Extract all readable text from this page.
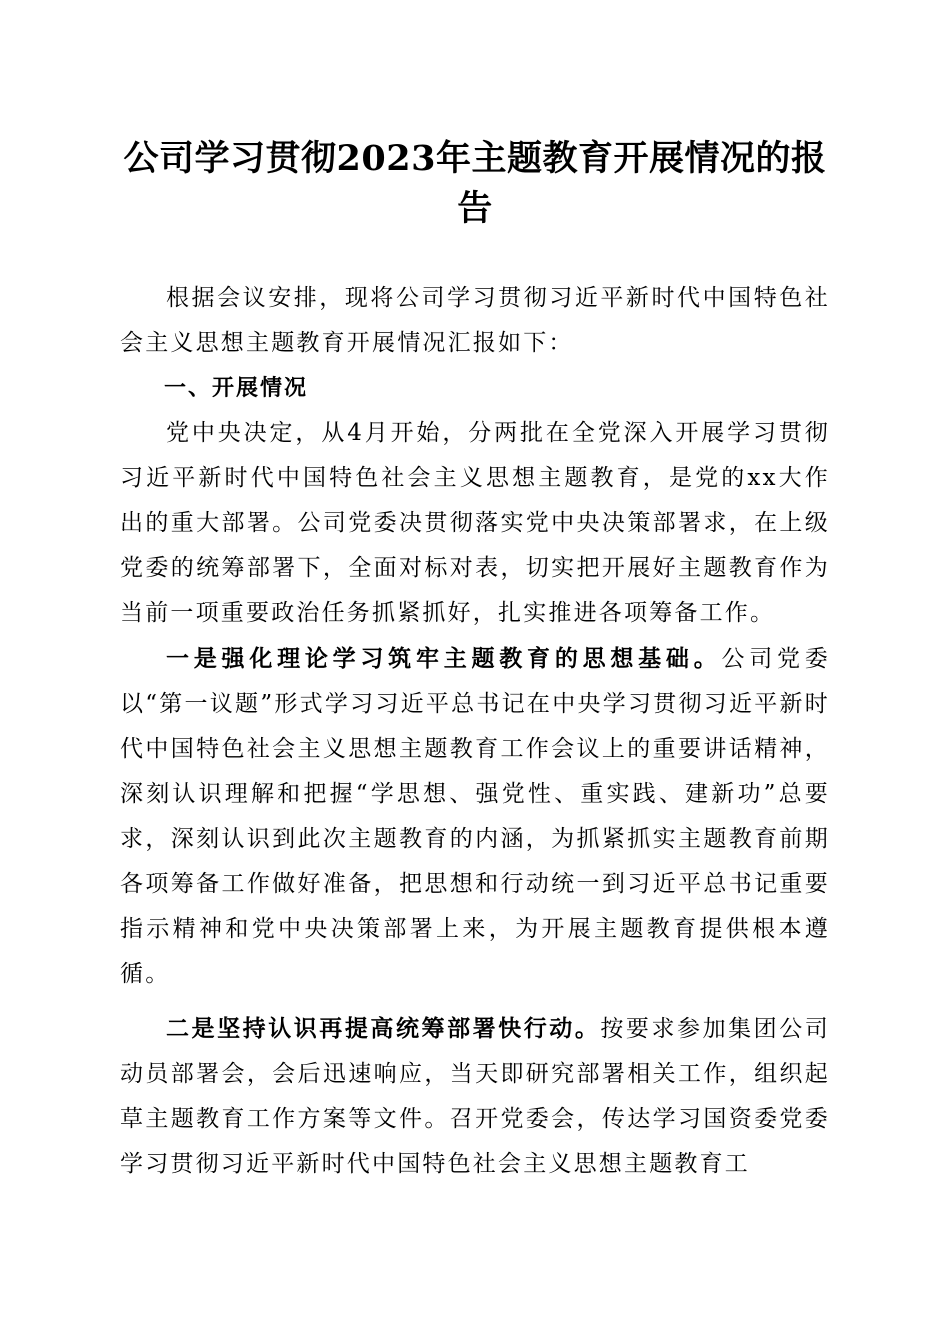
公司学习贯彻2023年主题教育开展情况的报告

根据会议安排，现将公司学习贯彻习近平新时代中国特色社会主义思想主题教育开展情况汇报如下：

一、开展情况

党中央决定，从4月开始，分两批在全党深入开展学习贯彻习近平新时代中国特色社会主义思想主题教育，是党的xx大作出的重大部署。公司党委决贯彻落实党中央决策部署求，在上级党委的统筹部署下，全面对标对表，切实把开展好主题教育作为当前一项重要政治任务抓紧抓好，扎实推进各项筹备工作。

一是强化理论学习筑牢主题教育的思想基础。公司党委以“第一议题”形式学习习近平总书记在中央学习贯彻习近平新时代中国特色社会主义思想主题教育工作会议上的重要讲话精神，深刻认识理解和把握“学思想、强党性、重实践、建新功”总要求，深刻认识到此次主题教育的内涵，为抓紧抓实主题教育前期各项筹备工作做好准备，把思想和行动统一到习近平总书记重要指示精神和党中央决策部署上来，为开展主题教育提供根本遵循。

二是坚持认识再提高统筹部署快行动。按要求参加集团公司动员部署会，会后迅速响应，当天即研究部署相关工作，组织起草主题教育工作方案等文件。召开党委会，传达学习国资委党委学习贯彻习近平新时代中国特色社会主义思想主题教育工
